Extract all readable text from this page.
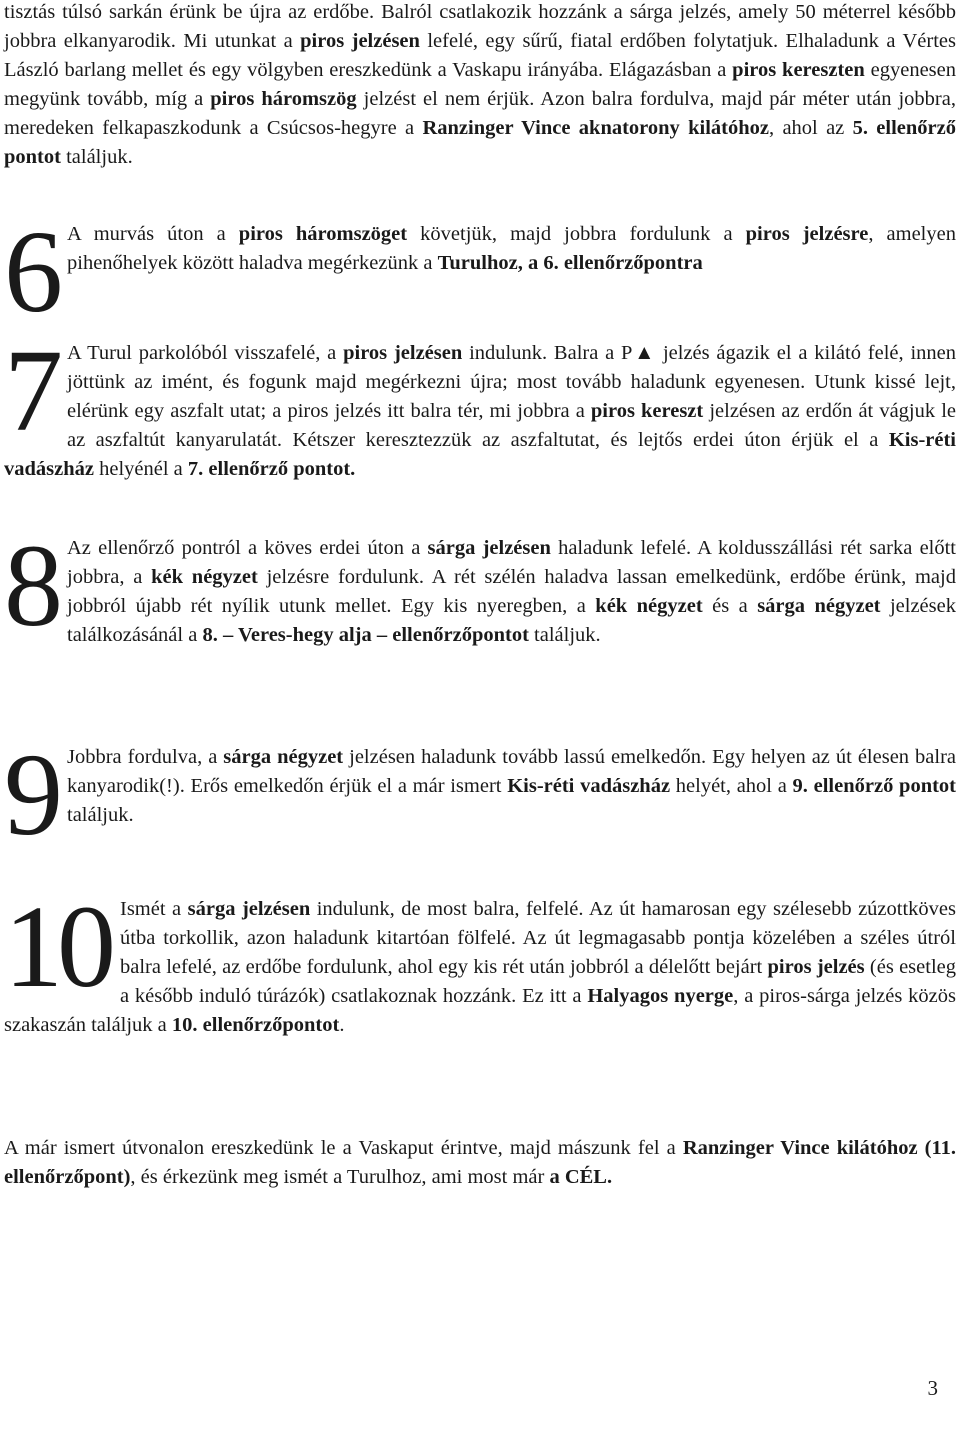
tisztás túlsó sarkán érünk be újra az erdőbe. Balról csatlakozik hozzánk a sárga jelzés, amely 50 méterrel később jobbra elkanyarodik. Mi utunkat a piros jelzésen lefelé, egy sűrű, fiatal erdőben folytatjuk. Elhaladunk a Vértes László barlang mellet és egy völgyben ereszkedünk a Vaskapu irányába. Elágazásban a piros kereszten egyenesen megyünk tovább, míg a piros háromszög jelzést el nem érjük. Azon balra fordulva, majd pár méter után jobbra, meredeken felkapaszkodunk a Csúcsos-hegyre a Ranzinger Vince aknatorony kilátóhoz, ahol az 5. ellenőrző pontot találjuk.

6 A murvás úton a piros háromszöget követjük, majd jobbra fordulunk a piros jelzésre, amelyen pihenőhelyek között haladva megérkezünk a Turulhoz, a 6. ellenőrzőpontra

7 A Turul parkolóból visszafelé, a piros jelzésen indulunk. Balra a P▲ jelzés ágazik el a kilátó felé, innen jöttünk az imént, és fogunk majd megérkezni újra; most tovább haladunk egyenesen. Utunk kissé lejt, elérünk egy aszfalt utat; a piros jelzés itt balra tér, mi jobbra a piros kereszt jelzésen az erdőn át vágjuk le az aszfaltút kanyarulatát. Kétszer keresztezzük az aszfaltutat, és lejtős erdei úton érjük el a Kis-réti vadászház helyénél a 7. ellenőrző pontot.

8 Az ellenőrző pontról a köves erdei úton a sárga jelzésen haladunk lefelé. A koldusszállási rét sarka előtt jobbra, a kék négyzet jelzésre fordulunk. A rét szélén haladva lassan emelkedünk, erdőbe érünk, majd jobbról újabb rét nyílik utunk mellet. Egy kis nyeregben, a kék négyzet és a sárga négyzet jelzések találkozásánál a 8. – Veres-hegy alja – ellenőrzőpontot találjuk.

9 Jobbra fordulva, a sárga négyzet jelzésen haladunk tovább lassú emelkedőn. Egy helyen az út élesen balra kanyarodik(!). Erős emelkedőn érjük el a már ismert Kis-réti vadászház helyét, ahol a 9. ellenőrző pontot találjuk.

10 Ismét a sárga jelzésen indulunk, de most balra, felfelé. Az út hamarosan egy szélesebb zúzottköves útba torkollik, azon haladunk kitartóan fölfelé. Az út legmagasabb pontja közelében a széles útról balra lefelé, az erdőbe fordulunk, ahol egy kis rét után jobbról a délelőtt bejárt piros jelzés (és esetleg a később induló túrázók) csatlakoznak hozzánk. Ez itt a Halyagos nyerge, a piros-sárga jelzés közös szakaszán találjuk a 10. ellenőrzőpontot.

A már ismert útvonalon ereszkedünk le a Vaskaput érintve, majd mászunk fel a Ranzinger Vince kilátóhoz (11. ellenőrzőpont), és érkezünk meg ismét a Turulhoz, ami most már a CÉL.

3
